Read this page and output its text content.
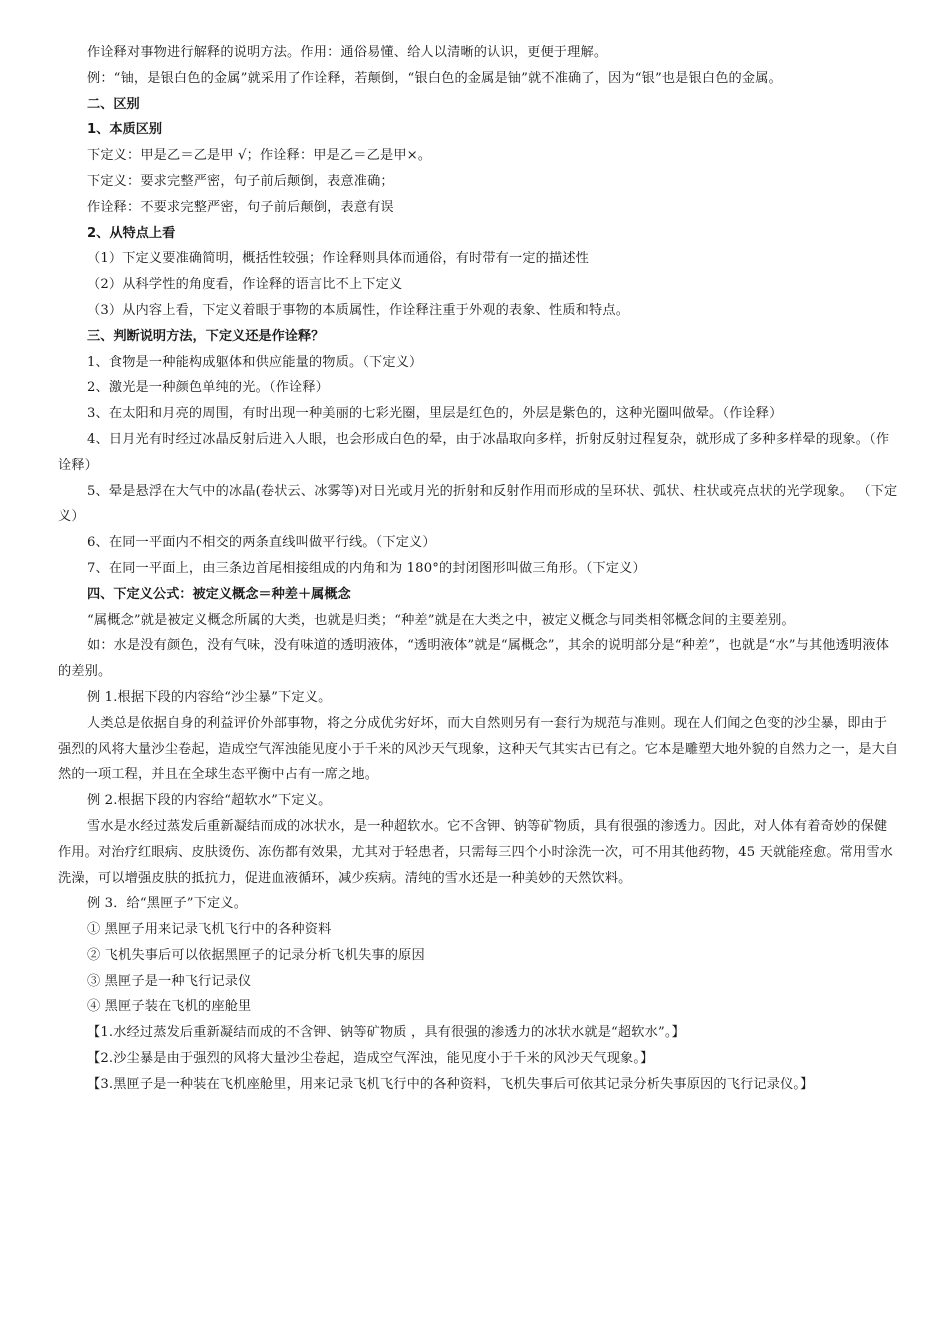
作诠释对事物进行解释的说明方法。作用：通俗易懂、给人以清晰的认识，更便于理解。

例：“铀，是银白色的金属”就采用了作诠释，若颠倒，“银白色的金属是铀”就不准确了，因为“银”也是银白色的金属。

二、区别

1、本质区别

下定义：甲是乙＝乙是甲 √；作诠释：甲是乙＝乙是甲×。

下定义：要求完整严密，句子前后颠倒，表意准确；

作诠释：不要求完整严密，句子前后颠倒，表意有误

2、从特点上看

（1）下定义要准确简明，概括性较强；作诠释则具体而通俗，有时带有一定的描述性

（2）从科学性的角度看，作诠释的语言比不上下定义

（3）从内容上看，下定义着眼于事物的本质属性，作诠释注重于外观的表象、性质和特点。

三、判断说明方法，下定义还是作诠释？

1、食物是一种能构成躯体和供应能量的物质。（下定义）

2、激光是一种颜色单纯的光。（作诠释）

3、在太阳和月亮的周围，有时出现一种美丽的七彩光圈，里层是红色的，外层是紫色的，这种光圈叫做晕。（作诠释）

4、日月光有时经过冰晶反射后进入人眼，也会形成白色的晕，由于冰晶取向多样，折射反射过程复杂，就形成了多种多样晕的现象。（作诠释）

5、晕是悬浮在大气中的冰晶(卷状云、冰雾等)对日光或月光的折射和反射作用而形成的呈环状、弧状、柱状或亮点状的光学现象。 （下定义）

6、在同一平面内不相交的两条直线叫做平行线。（下定义）

7、在同一平面上，由三条边首尾相接组成的内角和为 180°的封闭图形叫做三角形。（下定义）

四、下定义公式：被定义概念＝种差＋属概念

“属概念”就是被定义概念所属的大类，也就是归类；“种差”就是在大类之中，被定义概念与同类相邻概念间的主要差别。

如：水是没有颜色，没有气味，没有味道的透明液体，“透明液体”就是“属概念”，其余的说明部分是“种差”，也就是“水”与其他透明液体的差别。

例 1.根据下段的内容给“沙尘暴”下定义。

人类总是依据自身的利益评价外部事物，将之分成优劣好坏，而大自然则另有一套行为规范与准则。现在人们闻之色变的沙尘暴，即由于强烈的风将大量沙尘卷起，造成空气浑浊能见度小于千米的风沙天气现象，这种天气其实古已有之。它本是雕塑大地外貌的自然力之一，是大自然的一项工程，并且在全球生态平衡中占有一席之地。

例 2.根据下段的内容给“超软水”下定义。

雪水是水经过蒸发后重新凝结而成的冰状水，是一种超软水。它不含钾、钠等矿物质，具有很强的渗透力。因此，对人体有着奇妙的保健作用。对治疗红眼病、皮肤烫伤、冻伤都有效果，尤其对于轻患者，只需每三四个小时涂洗一次，可不用其他药物，45 天就能痊愈。常用雪水洗澡，可以增强皮肤的抵抗力，促进血液循环，减少疾病。清纯的雪水还是一种美妙的天然饮料。

例 3．给“黑匣子”下定义。

① 黑匣子用来记录飞机飞行中的各种资料

② 飞机失事后可以依据黑匣子的记录分析飞机失事的原因

③ 黑匣子是一种飞行记录仪

④ 黑匣子装在飞机的座舱里

【1.水经过蒸发后重新凝结而成的不含钾、钠等矿物质 ，具有很强的渗透力的冰状水就是“超软水”。】

【2.沙尘暴是由于强烈的风将大量沙尘卷起，造成空气浑浊，能见度小于千米的风沙天气现象。】

【3.黑匣子是一种装在飞机座舱里，用来记录飞机飞行中的各种资料，飞机失事后可依其记录分析失事原因的飞行记录仪。】
